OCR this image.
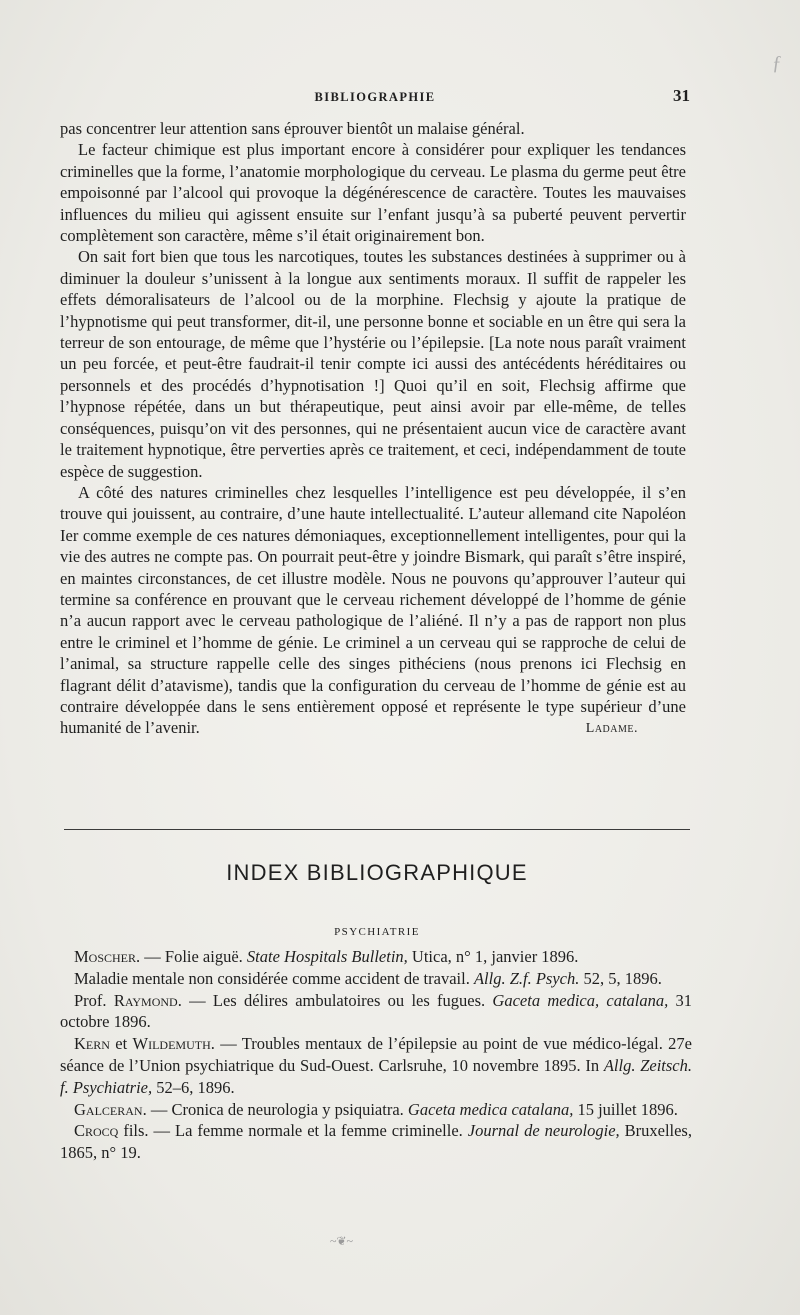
ƒ
BIBLIOGRAPHIE	31

pas concentrer leur attention sans éprouver bientôt un malaise général.

Le facteur chimique est plus important encore à considérer pour expliquer les tendances criminelles que la forme, l’anatomie morphologique du cerveau. Le plasma du germe peut être empoisonné par l’alcool qui provoque la dégénérescence de caractère. Toutes les mauvaises influences du milieu qui agissent ensuite sur l’enfant jusqu’à sa puberté peuvent pervertir complètement son caractère, même s’il était originairement bon.

On sait fort bien que tous les narcotiques, toutes les substances destinées à supprimer ou à diminuer la douleur s’unissent à la longue aux sentiments moraux. Il suffit de rappeler les effets démoralisateurs de l’alcool ou de la morphine. Flechsig y ajoute la pratique de l’hypnotisme qui peut transformer, dit-il, une personne bonne et sociable en un être qui sera la terreur de son entourage, de même que l’hystérie ou l’épilepsie. [La note nous paraît vraiment un peu forcée, et peut-être faudrait-il tenir compte ici aussi des antécédents héréditaires ou personnels et des procédés d’hypnotisation !] Quoi qu’il en soit, Flechsig affirme que l’hypnose répétée, dans un but thérapeutique, peut ainsi avoir par elle-même, de telles conséquences, puisqu’on vit des personnes, qui ne présentaient aucun vice de caractère avant le traitement hypnotique, être perverties après ce traitement, et ceci, indépendamment de toute espèce de suggestion.

A côté des natures criminelles chez lesquelles l’intelligence est peu développée, il s’en trouve qui jouissent, au contraire, d’une haute intellectualité. L’auteur allemand cite Napoléon Ier comme exemple de ces natures démoniaques, exceptionnellement intelligentes, pour qui la vie des autres ne compte pas. On pourrait peut-être y joindre Bismark, qui paraît s’être inspiré, en maintes circonstances, de cet illustre modèle. Nous ne pouvons qu’approuver l’auteur qui termine sa conférence en prouvant que le cerveau richement développé de l’homme de génie n’a aucun rapport avec le cerveau pathologique de l’aliéné. Il n’y a pas de rapport non plus entre le criminel et l’homme de génie. Le criminel a un cerveau qui se rapproche de celui de l’animal, sa structure rappelle celle des singes pithéciens (nous prenons ici Flechsig en flagrant délit d’atavisme), tandis que la configuration du cerveau de l’homme de génie est au contraire développée dans le sens entièrement opposé et représente le type supérieur d’une humanité de l’avenir.	Ladame.
INDEX BIBLIOGRAPHIQUE
PSYCHIATRIE

Moscher. — Folie aiguë. State Hospitals Bulletin, Utica, n° 1, janvier 1896.

Maladie mentale non considérée comme accident de travail. Allg. Z.f. Psych. 52, 5, 1896.

Prof. Raymond. — Les délires ambulatoires ou les fugues. Gaceta medica, catalana, 31 octobre 1896.

Kern et Wildemuth. — Troubles mentaux de l’épilepsie au point de vue médico-légal. 27e séance de l’Union psychiatrique du Sud-Ouest. Carlsruhe, 10 novembre 1895. In Allg. Zeitsch. f. Psychiatrie, 52–6, 1896.

Galceran. — Cronica de neurologia y psiquiatra. Gaceta medica catalana, 15 juillet 1896.

Crocq fils. — La femme normale et la femme criminelle. Journal de neurologie, Bruxelles, 1865, n° 19.

~❦~
